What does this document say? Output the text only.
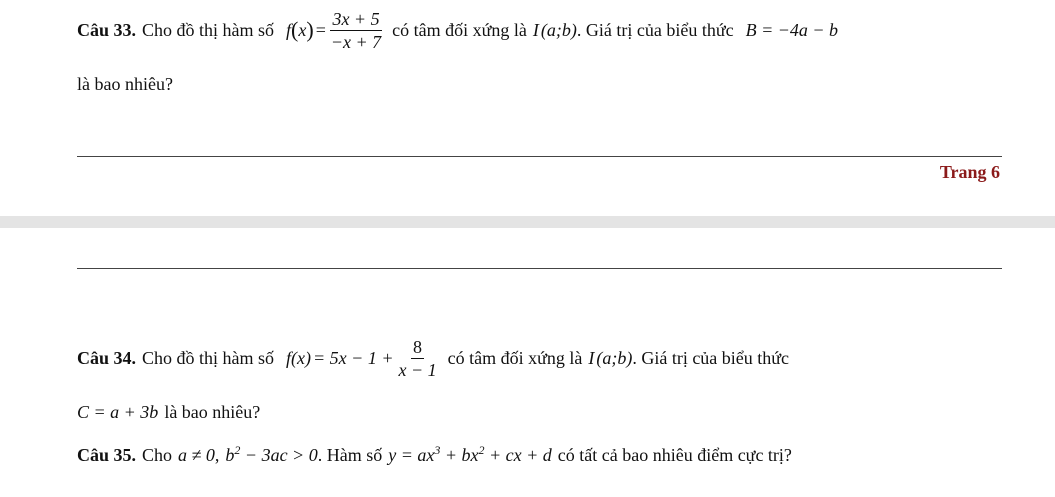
Câu 33. Cho đồ thị hàm số f ( x ) = $\frac{3x + 5}{-x + 7}$ có tâm đối xứng là I (a;b) . Giá trị của biểu thức B = −4a − b
là bao nhiêu?
Trang 6
Câu 34. Cho đồ thị hàm số f $(x) = 5x - 1 + \frac{8}{x - 1}$ có tâm đối xứng là I (a;b) . Giá trị của biểu thức
C = a + 3b là bao nhiêu?
Câu 35. Cho a ≠ 0 , $b^2 - 3ac > 0$ . Hàm số $y = ax^3 + bx^2$ + cx + d có tất cả bao nhiêu điểm cực trị?
